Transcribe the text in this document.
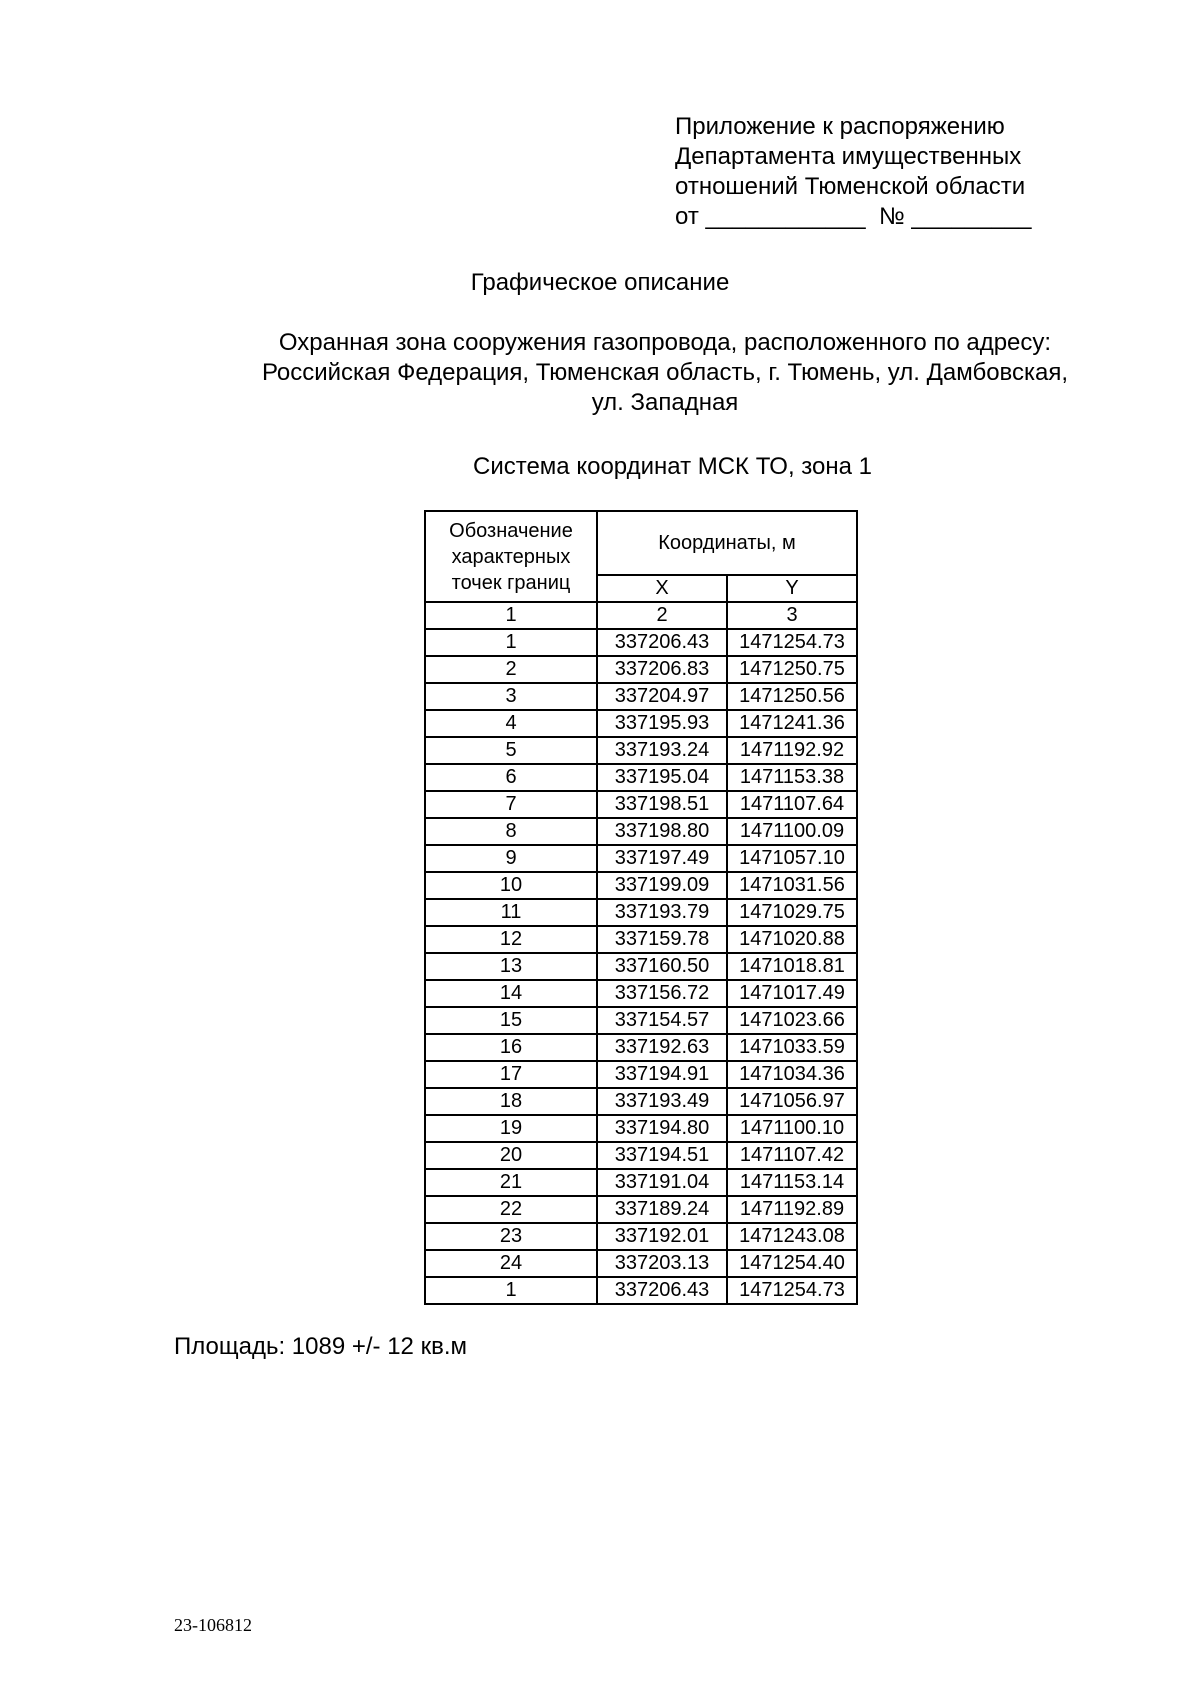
Приложение к распоряжению
Департамента имущественных
отношений Тюменской области
от ____________  № _________
Графическое описание
Охранная зона сооружения газопровода, расположенного по адресу:
Российская Федерация, Тюменская область, г. Тюмень, ул. Дамбовская,
ул. Западная
Система координат МСК ТО, зона 1
Обозначение
характерных
точек границ	Координаты, м	
	X	Y
1	2	3
1	337206.43	1471254.73
2	337206.83	1471250.75
3	337204.97	1471250.56
4	337195.93	1471241.36
5	337193.24	1471192.92
6	337195.04	1471153.38
7	337198.51	1471107.64
8	337198.80	1471100.09
9	337197.49	1471057.10
10	337199.09	1471031.56
11	337193.79	1471029.75
12	337159.78	1471020.88
13	337160.50	1471018.81
14	337156.72	1471017.49
15	337154.57	1471023.66
16	337192.63	1471033.59
17	337194.91	1471034.36
18	337193.49	1471056.97
19	337194.80	1471100.10
20	337194.51	1471107.42
21	337191.04	1471153.14
22	337189.24	1471192.89
23	337192.01	1471243.08
24	337203.13	1471254.40
1	337206.43	1471254.73
Площадь: 1089 +/- 12 кв.м
23-106812
